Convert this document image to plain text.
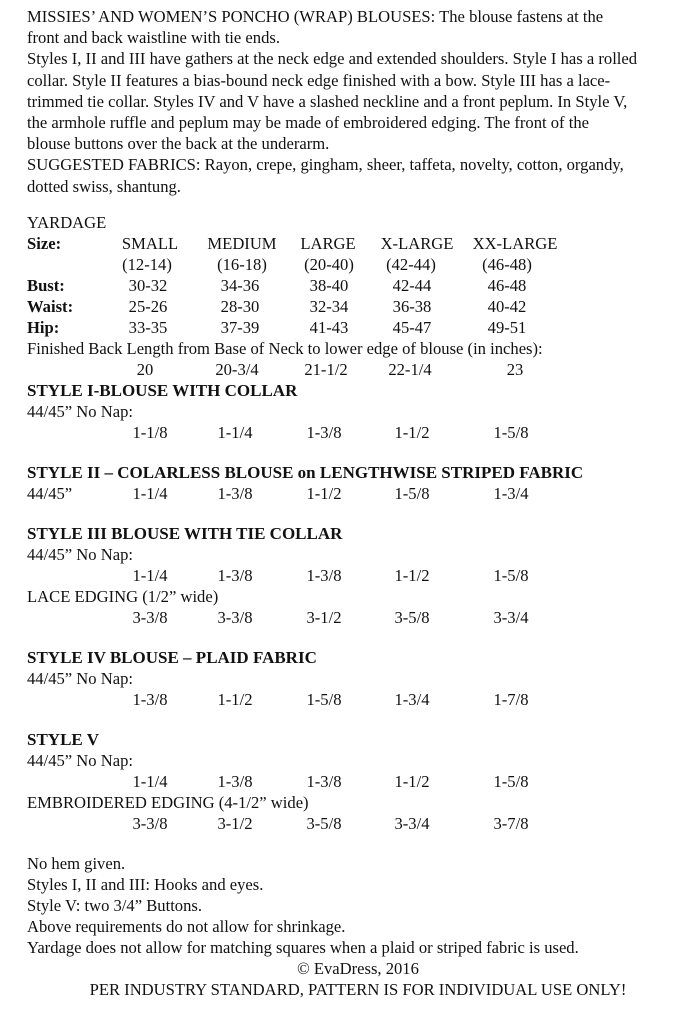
MISSIES’ AND WOMEN’S PONCHO (WRAP) BLOUSES: The blouse fastens at the

front and back waistline with tie ends.

Styles I, II and III have gathers at the neck edge and extended shoulders. Style I has a rolled

collar. Style II features a bias-bound neck edge finished with a bow. Style III has a lace-

trimmed tie collar. Styles IV and V have a slashed neckline and a front peplum. In Style V,

the armhole ruffle and peplum may be made of embroidered edging. The front of the

blouse buttons over the back at the underarm.

SUGGESTED FABRICS: Rayon, crepe, gingham, sheer, taffeta, novelty, cotton, organdy,

dotted swiss, shantung.

YARDAGE
Size:	SMALL	MEDIUM	LARGE	X-LARGE	XX-LARGE
(12-14)	(16-18)	(20-40)	(42-44)	(46-48)
Bust:	30-32	34-36	38-40	42-44	46-48
Waist:	25-26	28-30	32-34	36-38	40-42
Hip:	33-35	37-39	41-43	45-47	49-51
Finished Back Length from Base of Neck to lower edge of blouse (in inches):
20	20-3/4	21-1/2	22-1/4	23
STYLE I-BLOUSE WITH COLLAR
44/45” No Nap:
1-1/8	1-1/4	1-3/8	1-1/2	1-5/8
STYLE II – COLARLESS BLOUSE on LENGTHWISE STRIPED FABRIC
44/45”	1-1/4	1-3/8	1-1/2	1-5/8	1-3/4
STYLE III BLOUSE WITH TIE COLLAR
44/45” No Nap:
1-1/4	1-3/8	1-3/8	1-1/2	1-5/8
LACE EDGING (1/2” wide)
3-3/8	3-3/8	3-1/2	3-5/8	3-3/4
STYLE IV BLOUSE – PLAID FABRIC
44/45” No Nap:
1-3/8	1-1/2	1-5/8	1-3/4	1-7/8
STYLE V
44/45” No Nap:
1-1/4	1-3/8	1-3/8	1-1/2	1-5/8
EMBROIDERED EDGING (4-1/2” wide)
3-3/8	3-1/2	3-5/8	3-3/4	3-7/8
No hem given.
Styles I, II and III: Hooks and eyes.
Style V: two 3/4” Buttons.
Above requirements do not allow for shrinkage.
Yardage does not allow for matching squares when a plaid or striped fabric is used.
© EvaDress, 2016
PER INDUSTRY STANDARD, PATTERN IS FOR INDIVIDUAL USE ONLY!
